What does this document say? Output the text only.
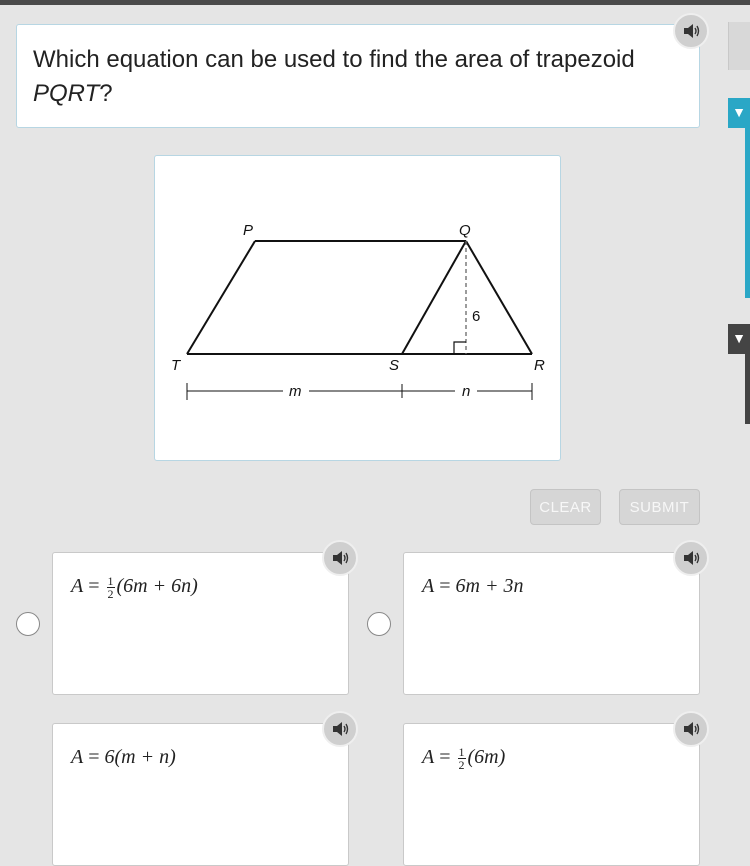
▼
▼
Which equation can be used to find the area of trapezoid PQRT?
P	Q
R
S
T
6
m	n
CLEAR	SUBMIT
$A = \frac{1}{2} (6m + 6n)$	A = 6m + 3n
A = 6(m + n)	$A = \frac{1}{2} (6m)$
